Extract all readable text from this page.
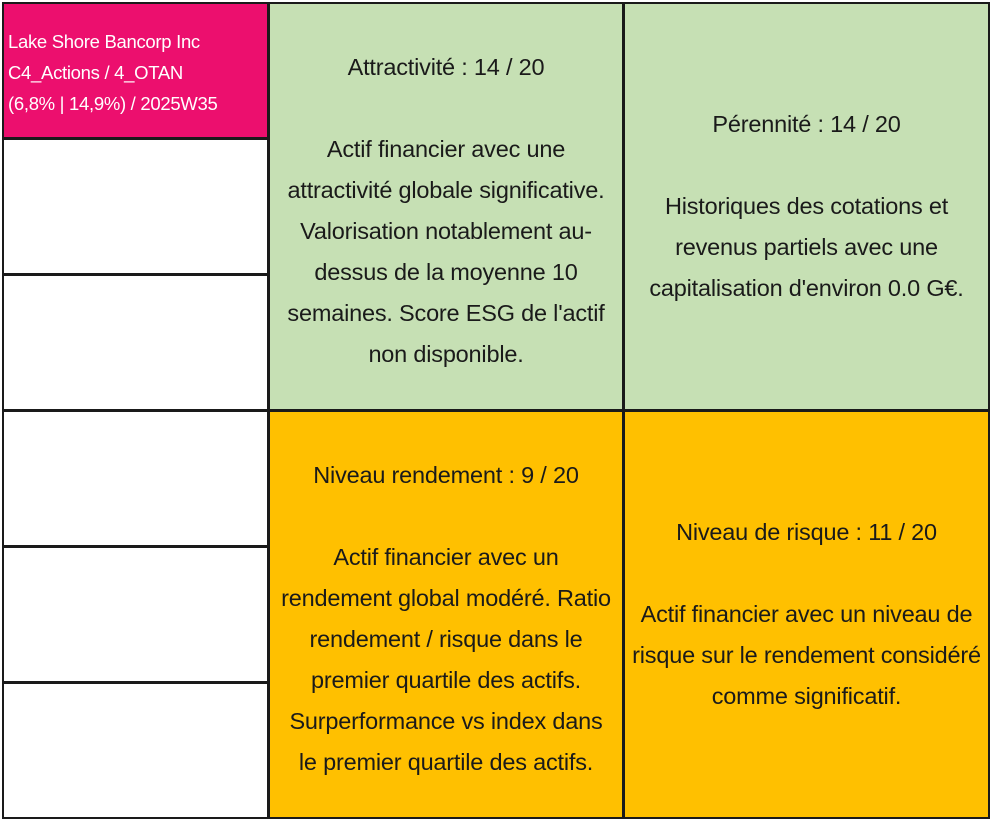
Lake Shore Bancorp Inc
C4_Actions / 4_OTAN
(6,8% | 14,9%) / 2025W35
Attractivité : 14 / 20
Actif financier avec une attractivité globale significative. Valorisation notablement au-dessus de la moyenne 10 semaines. Score ESG de l'actif non disponible.
Pérennité : 14 / 20
Historiques des cotations et revenus partiels avec une capitalisation d'environ 0.0 G€.
Niveau rendement : 9 / 20
Actif financier avec un rendement global modéré. Ratio rendement / risque dans le premier quartile des actifs. Surperformance vs index dans le premier quartile des actifs.
Niveau de risque : 11 / 20
Actif financier avec un niveau de risque sur le rendement considéré comme significatif.
